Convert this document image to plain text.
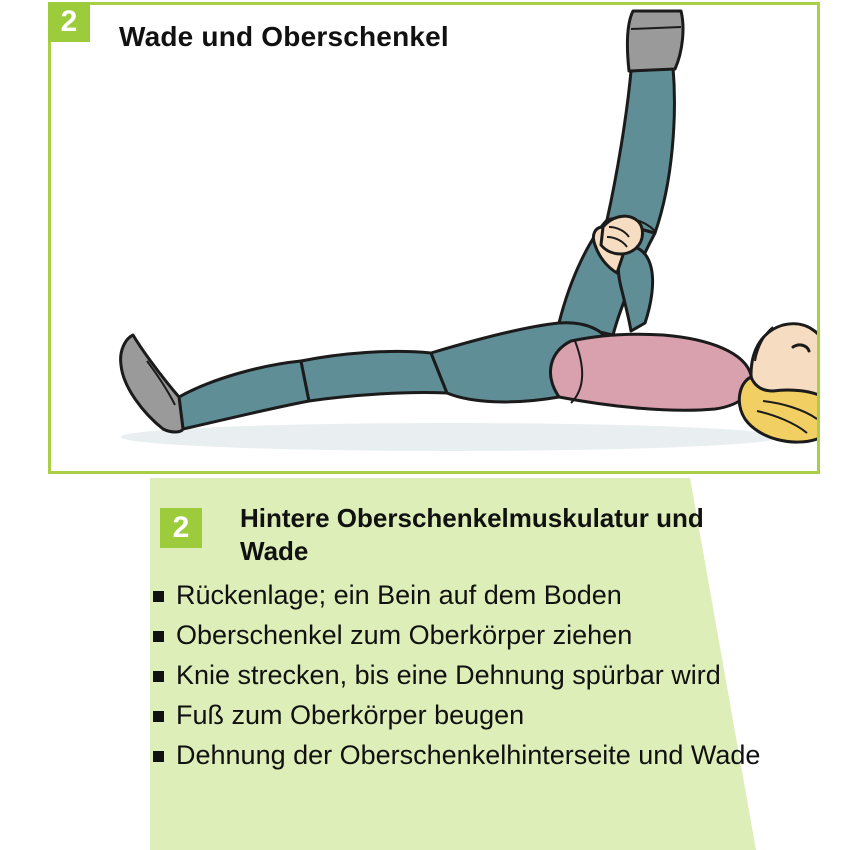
2	Wade und Oberschenkel
2	Hintere Oberschenkelmuskulatur und Wade
Rückenlage; ein Bein auf dem Boden
Oberschenkel zum Oberkörper ziehen
Knie strecken, bis eine Dehnung spürbar wird
Fuß zum Oberkörper beugen
Dehnung der Oberschenkelhinterseite und Wade
